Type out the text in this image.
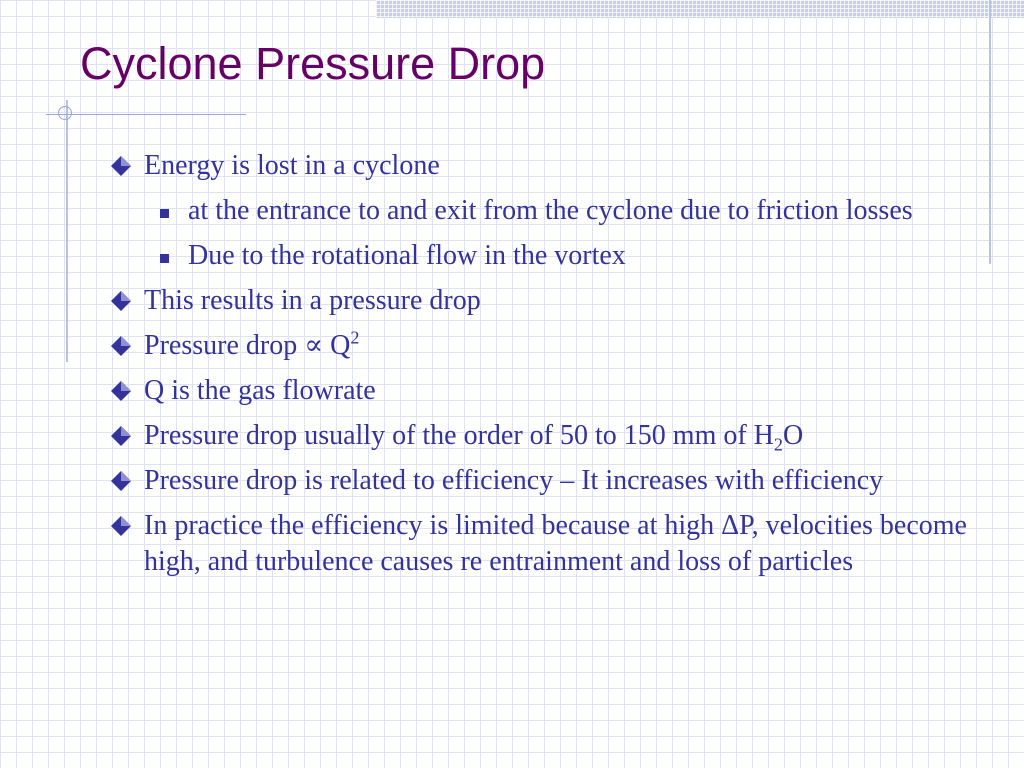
Cyclone Pressure Drop
Energy is lost in a cyclone
at the entrance to and exit from the cyclone due to friction losses
Due to the rotational flow in the vortex
This results in a pressure drop
Pressure drop ∝ $Q^2$
Q is the gas flowrate
Pressure drop usually of the order of 50 to 150 mm of $H_2O$
Pressure drop is related to efficiency – It increases with efficiency
In practice the efficiency is limited because at high ΔP, velocities become high, and turbulence causes re entrainment and loss of particles
